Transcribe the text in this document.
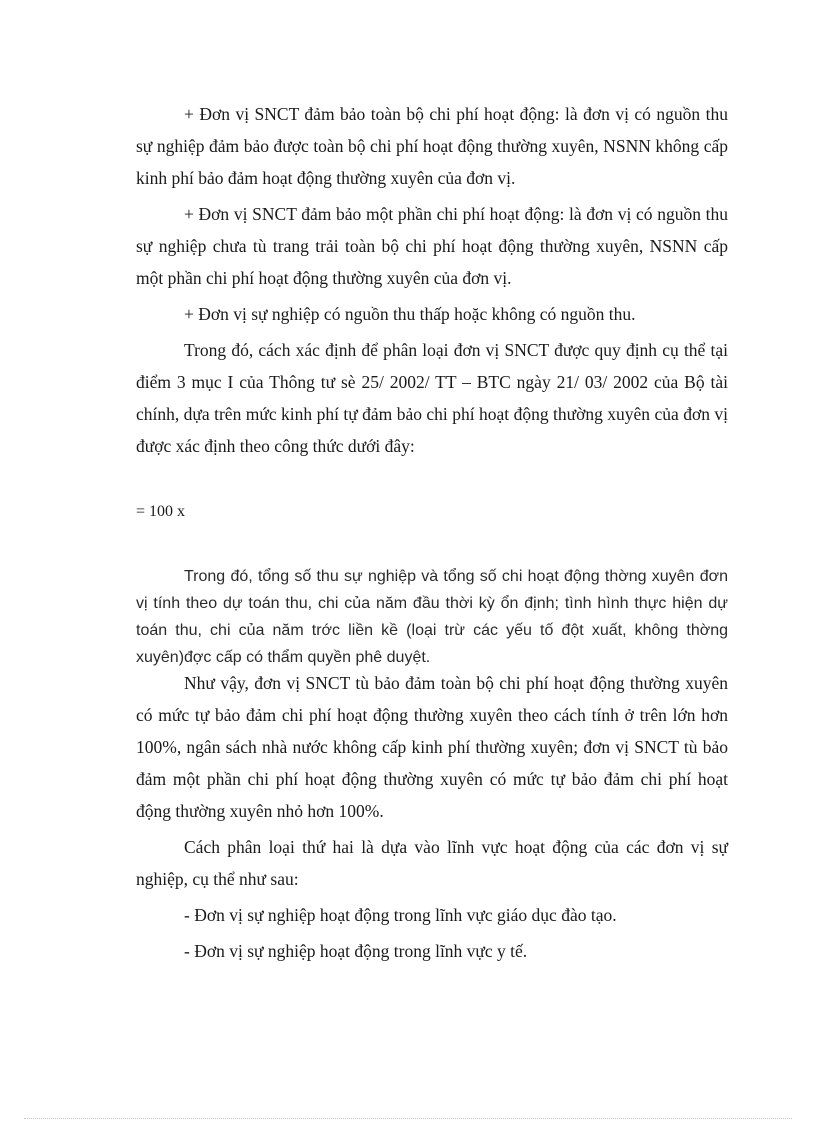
+ Đơn vị SNCT đảm bảo toàn bộ chi phí hoạt động: là đơn vị có nguồn thu sự nghiệp đảm bảo được toàn bộ chi phí hoạt động thường xuyên, NSNN không cấp kinh phí bảo đảm hoạt động thường xuyên của đơn vị.

+ Đơn vị SNCT đảm bảo một phần chi phí hoạt động: là đơn vị có nguồn thu sự nghiệp chưa tù trang trải toàn bộ chi phí hoạt động thường xuyên, NSNN cấp một phần chi phí hoạt động thường xuyên của đơn vị.

+ Đơn vị sự nghiệp có nguồn thu thấp hoặc không có nguồn thu.

Trong đó, cách xác định để phân loại đơn vị SNCT được quy định cụ thể tại điểm 3 mục I của Thông tư sè 25/ 2002/ TT – BTC ngày 21/ 03/ 2002 của Bộ tài chính, dựa trên mức kinh phí tự đảm bảo chi phí hoạt động thường xuyên của đơn vị được xác định theo công thức dưới đây:

= 100 x

Trong đó, tổng số thu sự nghiệp và tổng số chi hoạt động thờng xuyên đơn vị tính theo dự toán thu, chi của năm đầu thời kỳ ổn định; tình hình thực hiện dự toán thu, chi của năm trớc liền kề (loại trừ các yếu tố đột xuất, không thờng xuyên)đợc cấp có thẩm quyền phê duyệt.

Như vậy, đơn vị SNCT tù bảo đảm toàn bộ chi phí hoạt động thường xuyên có mức tự bảo đảm chi phí hoạt động thường xuyên theo cách tính ở trên lớn hơn 100%, ngân sách nhà nước không cấp kinh phí thường xuyên; đơn vị SNCT tù bảo đảm một phần chi phí hoạt động thường xuyên có mức tự bảo đảm chi phí hoạt động thường xuyên nhỏ hơn 100%.

Cách phân loại thứ hai là dựa vào lĩnh vực hoạt động của các đơn vị sự nghiệp, cụ thể như sau:

- Đơn vị sự nghiệp hoạt động trong lĩnh vực giáo dục đào tạo.

- Đơn vị sự nghiệp hoạt động trong lĩnh vực y tế.
